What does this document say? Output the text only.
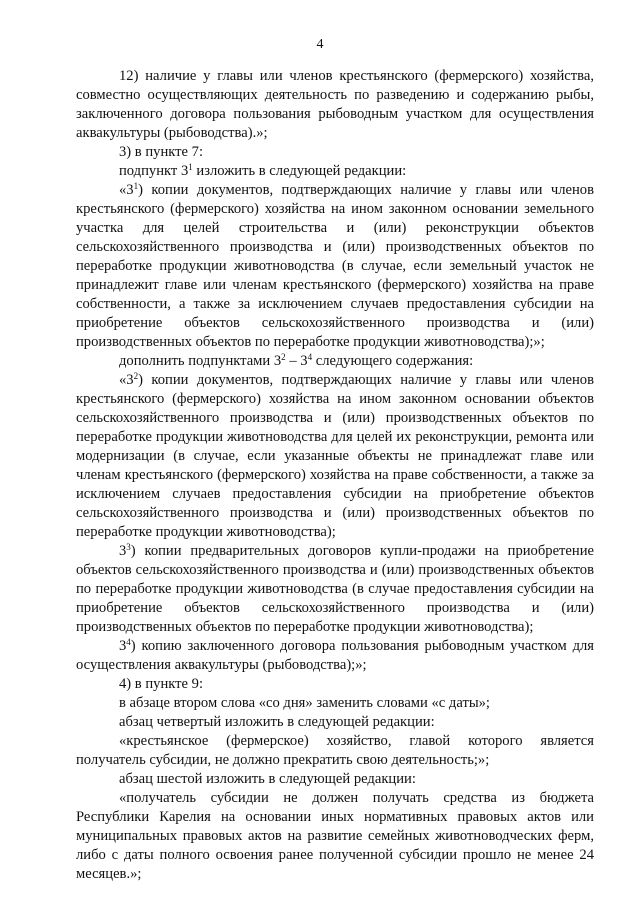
4

12) наличие у главы или членов крестьянского (фермерского) хозяйства, совместно осуществляющих деятельность по разведению и содержанию рыбы, заключенного договора пользования рыбоводным участком для осуществления аквакультуры (рыбоводства).»;

3) в пункте 7:

подпункт $3^1$ изложить в следующей редакции:

«$3^1$) копии документов, подтверждающих наличие у главы или членов крестьянского (фермерского) хозяйства на ином законном основании земельного участка для целей строительства и (или) реконструкции объектов сельскохозяйственного производства и (или) производственных объектов по переработке продукции животноводства (в случае, если земельный участок не принадлежит главе или членам крестьянского (фермерского) хозяйства на праве собственности, а также за исключением случаев предоставления субсидии на приобретение объектов сельскохозяйственного производства и (или) производственных объектов по переработке продукции животноводства);»;

дополнить подпунктами $3^2 - 3^4$ следующего содержания:

«$3^2$) копии документов, подтверждающих наличие у главы или членов крестьянского (фермерского) хозяйства на ином законном основании объектов сельскохозяйственного производства и (или) производственных объектов по переработке продукции животноводства для целей их реконструкции, ремонта или модернизации (в случае, если указанные объекты не принадлежат главе или членам крестьянского (фермерского) хозяйства на праве собственности, а также за исключением случаев предоставления субсидии на приобретение объектов сельскохозяйственного производства и (или) производственных объектов по переработке продукции животноводства);

$3^3$) копии предварительных договоров купли-продажи на приобретение объектов сельскохозяйственного производства и (или) производственных объектов по переработке продукции животноводства (в случае предоставления субсидии на приобретение объектов сельскохозяйственного производства и (или) производственных объектов по переработке продукции животноводства);

$3^4$) копию заключенного договора пользования рыбоводным участком для осуществления аквакультуры (рыбоводства);»;

4) в пункте 9:

в абзаце втором слова «со дня» заменить словами «с даты»;

абзац четвертый изложить в следующей редакции:

«крестьянское (фермерское) хозяйство, главой которого является получатель субсидии, не должно прекратить свою деятельность;»;

абзац шестой изложить в следующей редакции:

«получатель субсидии не должен получать средства из бюджета Республики Карелия на основании иных нормативных правовых актов или муниципальных правовых актов на развитие семейных животноводческих ферм, либо с даты полного освоения ранее полученной субсидии прошло не менее 24 месяцев.»;
